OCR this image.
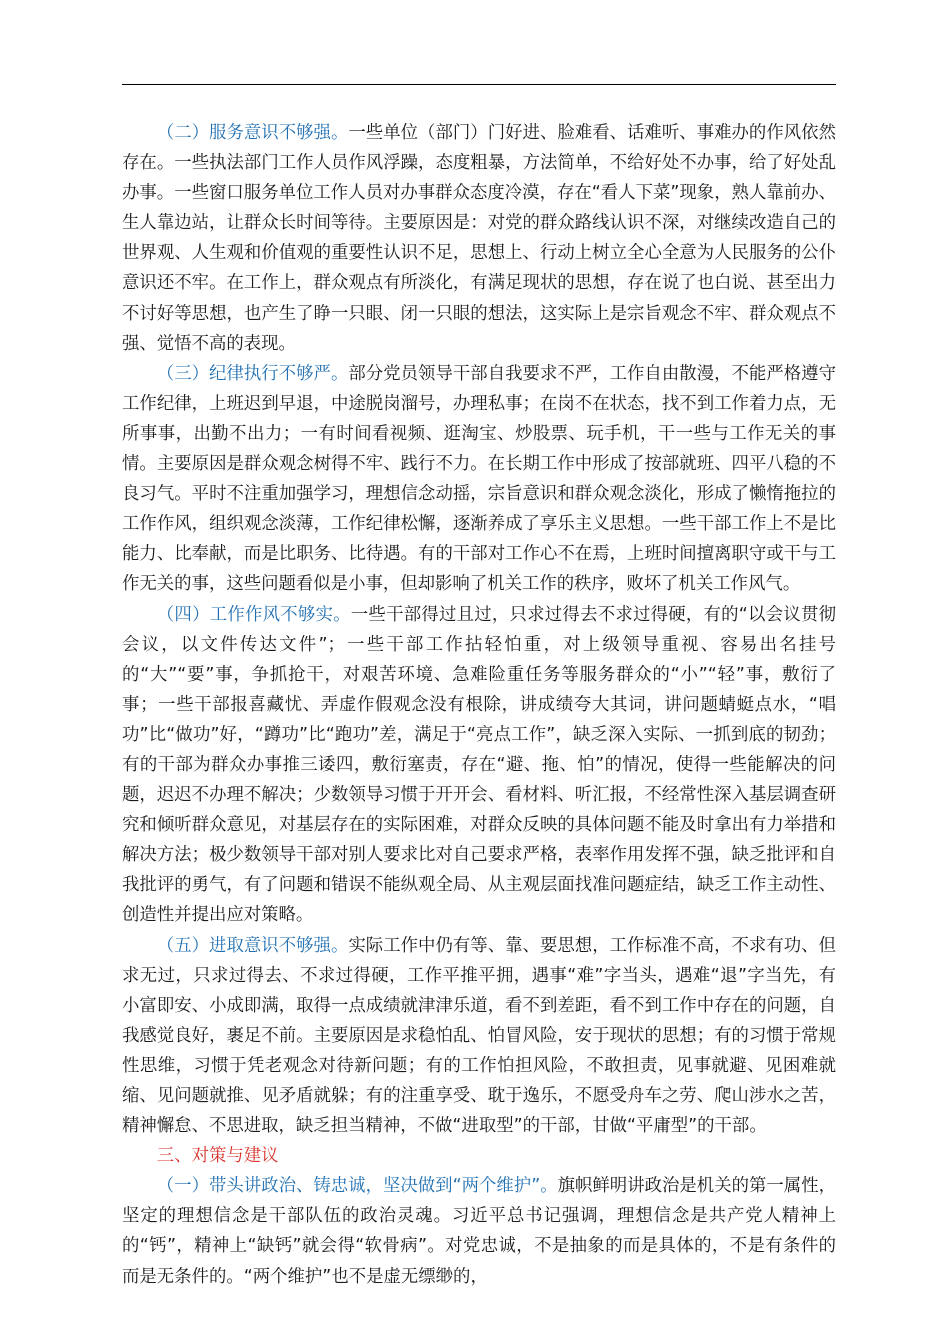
（二）服务意识不够强。一些单位（部门）门好进、脸难看、话难听、事难办的作风依然存在。一些执法部门工作人员作风浮躁，态度粗暴，方法简单，不给好处不办事，给了好处乱办事。一些窗口服务单位工作人员对办事群众态度冷漠，存在“看人下菜”现象，熟人靠前办、生人靠边站，让群众长时间等待。主要原因是：对党的群众路线认识不深，对继续改造自己的世界观、人生观和价值观的重要性认识不足，思想上、行动上树立全心全意为人民服务的公仆意识还不牢。在工作上，群众观点有所淡化，有满足现状的思想，存在说了也白说、甚至出力不讨好等思想，也产生了睁一只眼、闭一只眼的想法，这实际上是宗旨观念不牢、群众观点不强、觉悟不高的表现。

（三）纪律执行不够严。部分党员领导干部自我要求不严，工作自由散漫，不能严格遵守工作纪律，上班迟到早退，中途脱岗溜号，办理私事；在岗不在状态，找不到工作着力点，无所事事，出勤不出力；一有时间看视频、逛淘宝、炒股票、玩手机，干一些与工作无关的事情。主要原因是群众观念树得不牢、践行不力。在长期工作中形成了按部就班、四平八稳的不良习气。平时不注重加强学习，理想信念动摇，宗旨意识和群众观念淡化，形成了懒惰拖拉的工作作风，组织观念淡薄，工作纪律松懈，逐渐养成了享乐主义思想。一些干部工作上不是比能力、比奉献，而是比职务、比待遇。有的干部对工作心不在焉，上班时间擅离职守或干与工作无关的事，这些问题看似是小事，但却影响了机关工作的秩序，败坏了机关工作风气。

（四）工作作风不够实。一些干部得过且过，只求过得去不求过得硬，有的“以会议贯彻会议，以文件传达文件”；一些干部工作拈轻怕重，对上级领导重视、容易出名挂号的“大”“要”事，争抓抢干，对艰苦环境、急难险重任务等服务群众的“小”“轻”事，敷衍了事；一些干部报喜藏忧、弄虚作假观念没有根除，讲成绩夸大其词，讲问题蜻蜓点水，“唱功”比“做功”好，“蹲功”比“跑功”差，满足于“亮点工作”，缺乏深入实际、一抓到底的韧劲；有的干部为群众办事推三诿四，敷衍塞责，存在“避、拖、怕”的情况，使得一些能解决的问题，迟迟不办理不解决；少数领导习惯于开开会、看材料、听汇报，不经常性深入基层调查研究和倾听群众意见，对基层存在的实际困难，对群众反映的具体问题不能及时拿出有力举措和解决方法；极少数领导干部对别人要求比对自己要求严格，表率作用发挥不强，缺乏批评和自我批评的勇气，有了问题和错误不能纵观全局、从主观层面找准问题症结，缺乏工作主动性、创造性并提出应对策略。

（五）进取意识不够强。实际工作中仍有等、靠、要思想，工作标准不高，不求有功、但求无过，只求过得去、不求过得硬，工作平推平拥，遇事“难”字当头，遇难“退”字当先，有小富即安、小成即满，取得一点成绩就津津乐道，看不到差距，看不到工作中存在的问题，自我感觉良好，裹足不前。主要原因是求稳怕乱、怕冒风险，安于现状的思想；有的习惯于常规性思维，习惯于凭老观念对待新问题；有的工作怕担风险，不敢担责，见事就避、见困难就缩、见问题就推、见矛盾就躲；有的注重享受、耽于逸乐，不愿受舟车之劳、爬山涉水之苦，精神懈怠、不思进取，缺乏担当精神，不做“进取型”的干部，甘做“平庸型”的干部。

三、对策与建议

（一）带头讲政治、铸忠诚，坚决做到“两个维护”。旗帜鲜明讲政治是机关的第一属性，坚定的理想信念是干部队伍的政治灵魂。习近平总书记强调，理想信念是共产党人精神上的“钙”，精神上“缺钙”就会得“软骨病”。对党忠诚，不是抽象的而是具体的，不是有条件的而是无条件的。“两个维护”也不是虚无缥缈的，
